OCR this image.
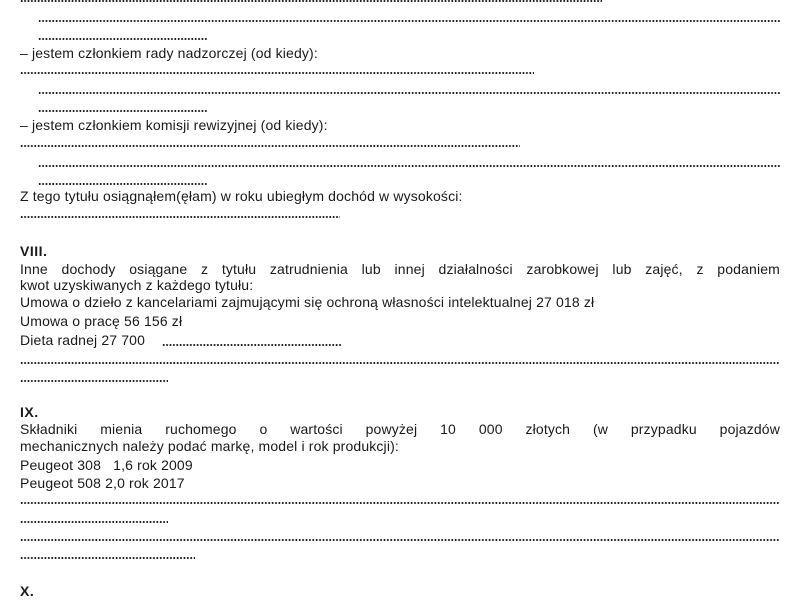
– jestem członkiem rady nadzorczej (od kiedy):
– jestem członkiem komisji rewizyjnej (od kiedy):
Z tego tytułu osiągnąłem(ęłam) w roku ubiegłym dochód w wysokości:
VIII.
Inne dochody osiągane z tytułu zatrudnienia lub innej działalności zarobkowej lub zajęć, z podaniem
kwot uzyskiwanych z każdego tytułu:
Umowa o dzieło z kancelariami zajmującymi się ochroną własności intelektualnej 27 018 zł
Umowa o pracę 56 156 zł
Dieta radnej 27 700
IX.
Składniki mienia ruchomego o wartości powyżej 10 000 złotych (w przypadku pojazdów
mechanicznych należy podać markę, model i rok produkcji):
Peugeot 308   1,6 rok 2009
Peugeot 508 2,0 rok 2017
X.
